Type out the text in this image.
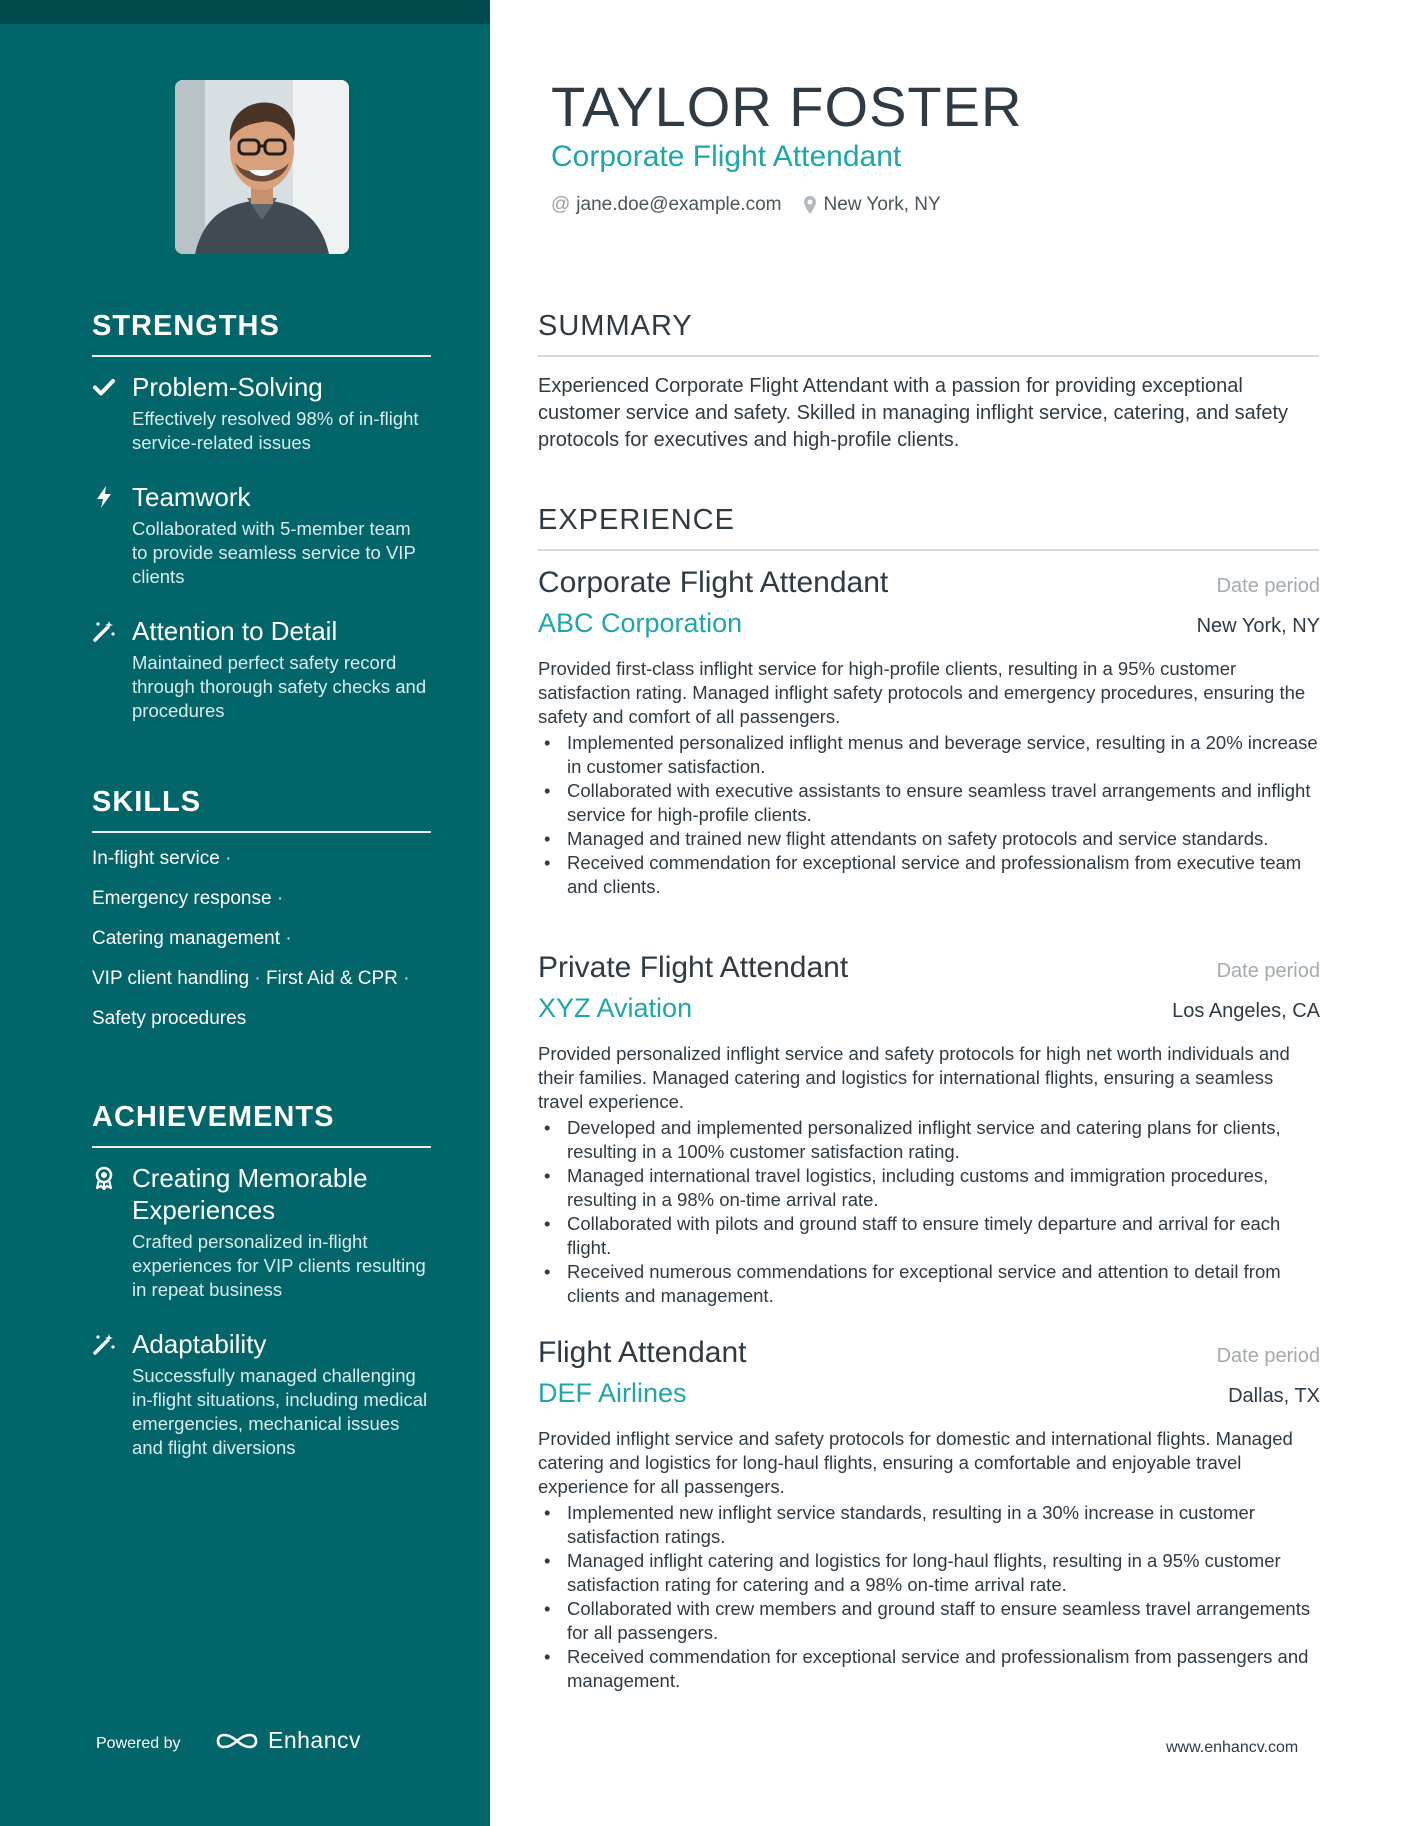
STRENGTHS
Problem-Solving
Effectively resolved 98% of in-flight service-related issues
Teamwork
Collaborated with 5-member team to provide seamless service to VIP clients
Attention to Detail
Maintained perfect safety record through thorough safety checks and procedures
SKILLS
In-flight service ·
Emergency response ·
Catering management ·
VIP client handling · First Aid & CPR ·
Safety procedures
ACHIEVEMENTS
Creating Memorable Experiences
Crafted personalized in-flight experiences for VIP clients resulting in repeat business
Adaptability
Successfully managed challenging in-flight situations, including medical emergencies, mechanical issues and flight diversions
Powered by	Enhancv
TAYLOR FOSTER
Corporate Flight Attendant
@ jane.doe@example.com New York, NY
SUMMARY
Experienced Corporate Flight Attendant with a passion for providing exceptional customer service and safety. Skilled in managing inflight service, catering, and safety protocols for executives and high-profile clients.
EXPERIENCE
Corporate Flight Attendant	Date period
ABC Corporation	New York, NY
Provided first-class inflight service for high-profile clients, resulting in a 95% customer satisfaction rating. Managed inflight safety protocols and emergency procedures, ensuring the safety and comfort of all passengers.
• Implemented personalized inflight menus and beverage service, resulting in a 20% increase in customer satisfaction.
• Collaborated with executive assistants to ensure seamless travel arrangements and inflight service for high-profile clients.
• Managed and trained new flight attendants on safety protocols and service standards.
• Received commendation for exceptional service and professionalism from executive team and clients.
Private Flight Attendant	Date period
XYZ Aviation	Los Angeles, CA
Provided personalized inflight service and safety protocols for high net worth individuals and their families. Managed catering and logistics for international flights, ensuring a seamless travel experience.
• Developed and implemented personalized inflight service and catering plans for clients, resulting in a 100% customer satisfaction rating.
• Managed international travel logistics, including customs and immigration procedures, resulting in a 98% on-time arrival rate.
• Collaborated with pilots and ground staff to ensure timely departure and arrival for each flight.
• Received numerous commendations for exceptional service and attention to detail from clients and management.
Flight Attendant	Date period
DEF Airlines	Dallas, TX
Provided inflight service and safety protocols for domestic and international flights. Managed catering and logistics for long-haul flights, ensuring a comfortable and enjoyable travel experience for all passengers.
• Implemented new inflight service standards, resulting in a 30% increase in customer satisfaction ratings.
• Managed inflight catering and logistics for long-haul flights, resulting in a 95% customer satisfaction rating for catering and a 98% on-time arrival rate.
• Collaborated with crew members and ground staff to ensure seamless travel arrangements for all passengers.
• Received commendation for exceptional service and professionalism from passengers and management.
www.enhancv.com
